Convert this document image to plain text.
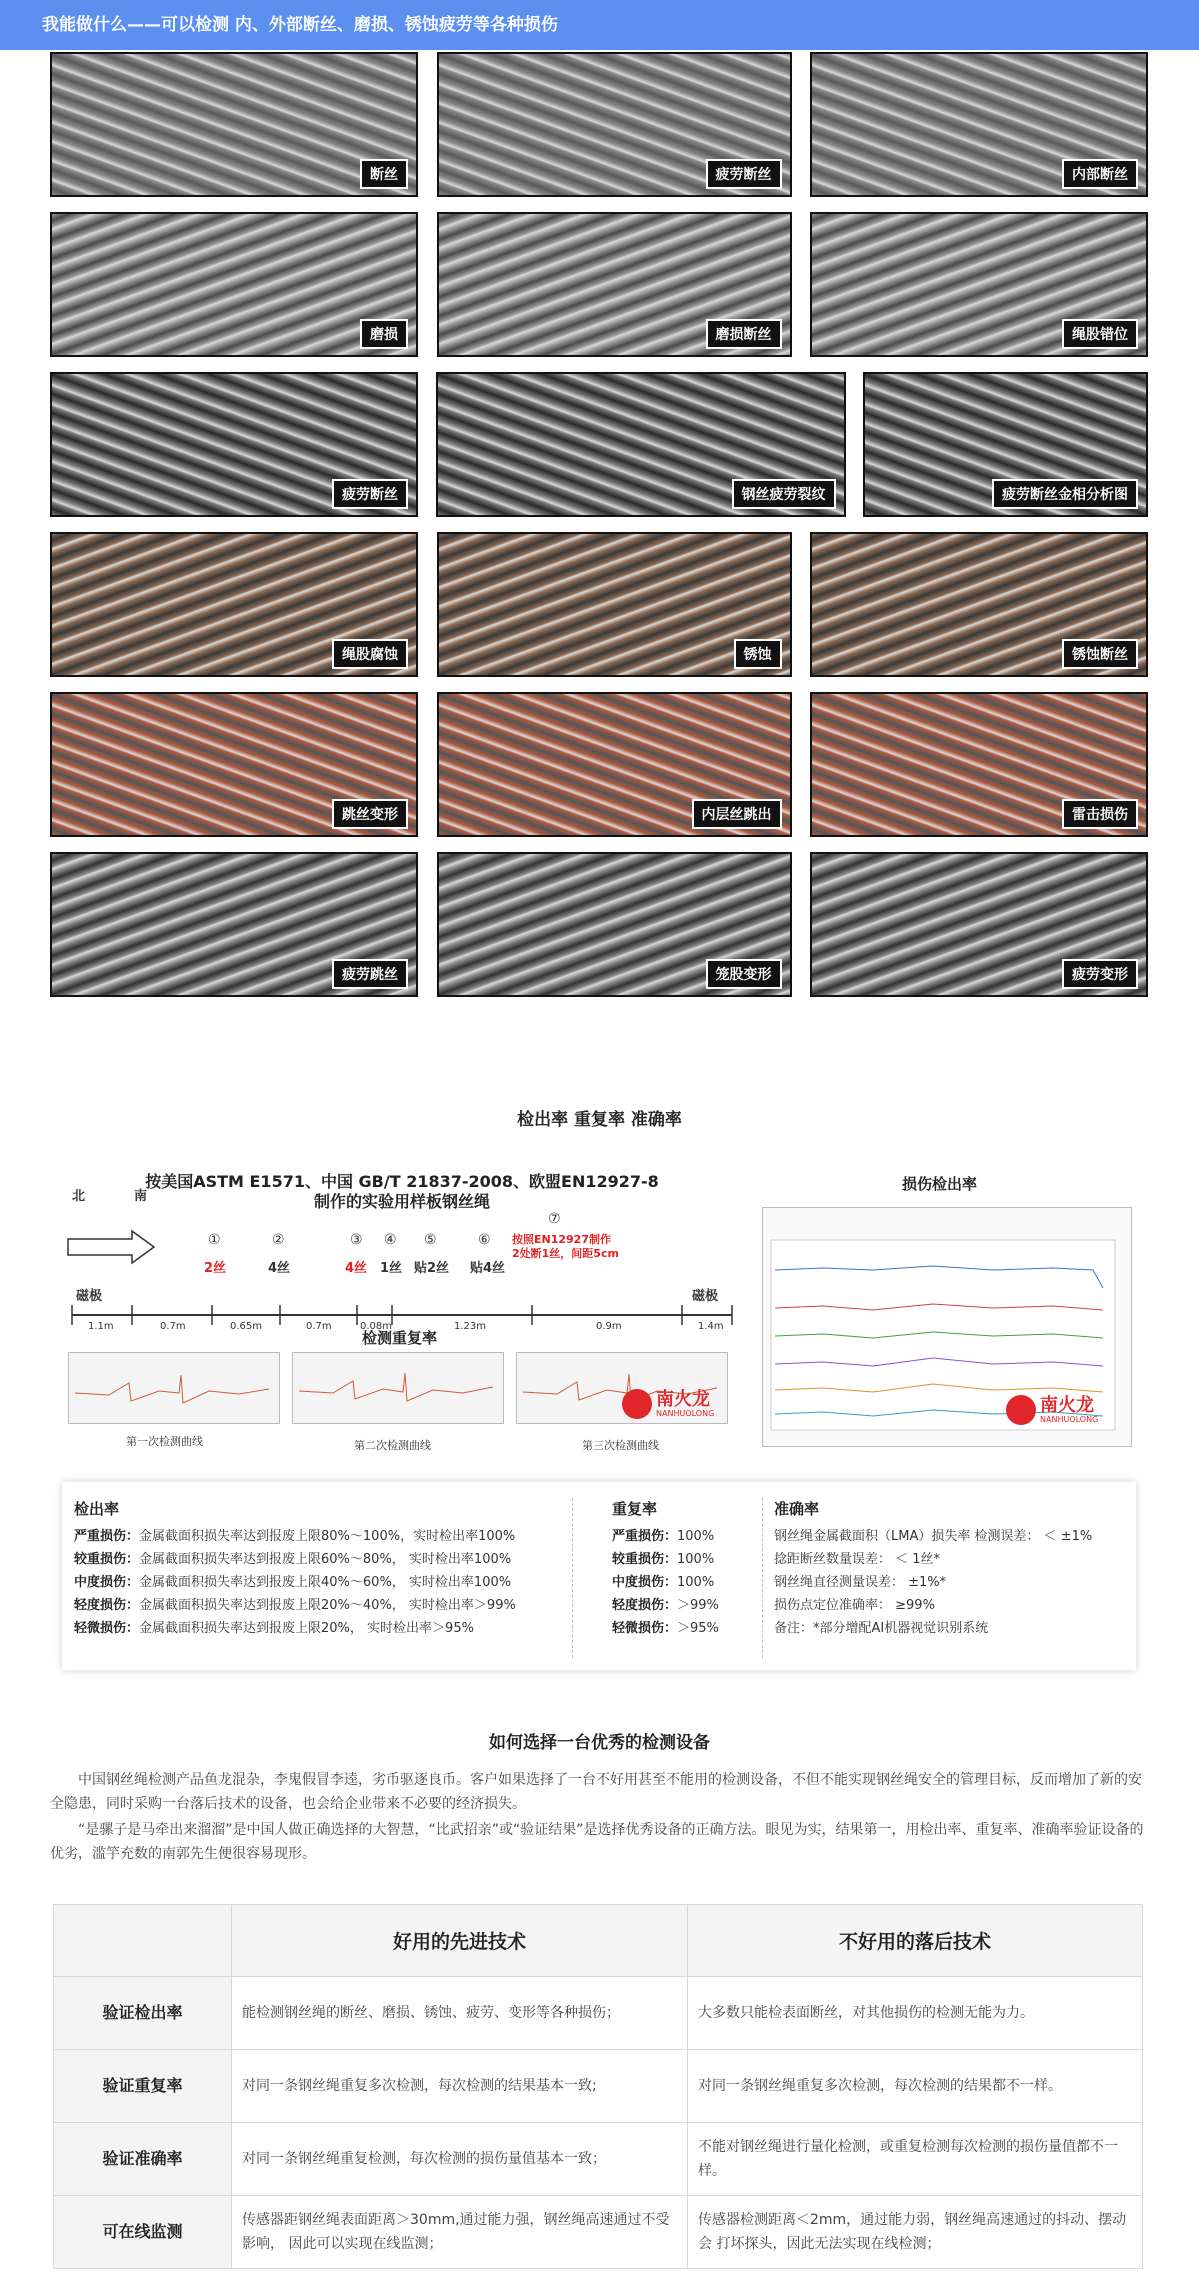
我能做什么——可以检测 内、外部断丝、磨损、锈蚀疲劳等各种损伤
断丝	疲劳断丝	内部断丝
磨损	磨损断丝	绳股错位
疲劳断丝	钢丝疲劳裂纹	疲劳断丝金相分析图
绳股腐蚀	锈蚀	锈蚀断丝
跳丝变形	内层丝跳出	雷击损伤
疲劳跳丝	笼股变形	疲劳变形
检出率 重复率 准确率
按美国ASTM E1571、中国 GB/T 21837-2008、欧盟EN12927-8
制作的实验用样板钢丝绳
损伤检出率
北	南
磁极	磁极
①	②	③ ④ ⑤	⑥
⑦
2丝	4丝	4丝 1丝 贴2丝 贴4丝
按照EN12927制作
2处断1丝，间距5cm
1.1m	0.7m	0.65m	0.7m	0.08m	1.23m	0.9m	1.4m
检测重复率
第一次检测曲线	第二次检测曲线	第三次检测曲线
南火龙
NANHUOLONG	南火龙
NANHUOLONG
检出率
严重损伤：金属截面积损失率达到报废上限80%～100%，实时检出率100%
较重损伤：金属截面积损失率达到报废上限60%～80%， 实时检出率100%
中度损伤：金属截面积损失率达到报废上限40%～60%， 实时检出率100%
轻度损伤：金属截面积损失率达到报废上限20%～40%， 实时检出率＞99%
轻微损伤：金属截面积损失率达到报废上限20%， 实时检出率＞95%
重复率
严重损伤：100%
较重损伤：100%
中度损伤：100%
轻度损伤：＞99%
轻微损伤：＞95%
准确率
钢丝绳金属截面积（LMA）损失率 检测误差： ＜ ±1%
捻距断丝数量误差： ＜ 1丝*
钢丝绳直径测量误差： ±1%*
损伤点定位准确率： ≥99%
备注：*部分增配AI机器视觉识别系统
如何选择一台优秀的检测设备
中国钢丝绳检测产品鱼龙混杂，李鬼假冒李逵，劣币驱逐良币。客户如果选择了一台不好用甚至不能用的检测设备，不但不能实现钢丝绳安全的管理目标，反而增加了新的安全隐患，同时采购一台落后技术的设备，也会给企业带来不必要的经济损失。
“是骡子是马牵出来溜溜”是中国人做正确选择的大智慧，“比武招亲”或“验证结果”是选择优秀设备的正确方法。眼见为实，结果第一，用检出率、重复率、准确率验证设备的优劣，滥竽充数的南郭先生便很容易现形。
	好用的先进技术	不好用的落后技术
验证检出率	能检测钢丝绳的断丝、磨损、锈蚀、疲劳、变形等各种损伤；	大多数只能检表面断丝，对其他损伤的检测无能为力。
验证重复率	对同一条钢丝绳重复多次检测，每次检测的结果基本一致;	对同一条钢丝绳重复多次检测，每次检测的结果都不一样。
验证准确率	对同一条钢丝绳重复检测，每次检测的损伤量值基本一致；	不能对钢丝绳进行量化检测，或重复检测每次检测的损伤量值都不一样。
可在线监测	传感器距钢丝绳表面距离＞30mm,通过能力强，钢丝绳高速通过不受影响， 因此可以实现在线监测；	传感器检测距离＜2mm，通过能力弱，钢丝绳高速通过的抖动、摆动会 打坏探头，因此无法实现在线检测；
